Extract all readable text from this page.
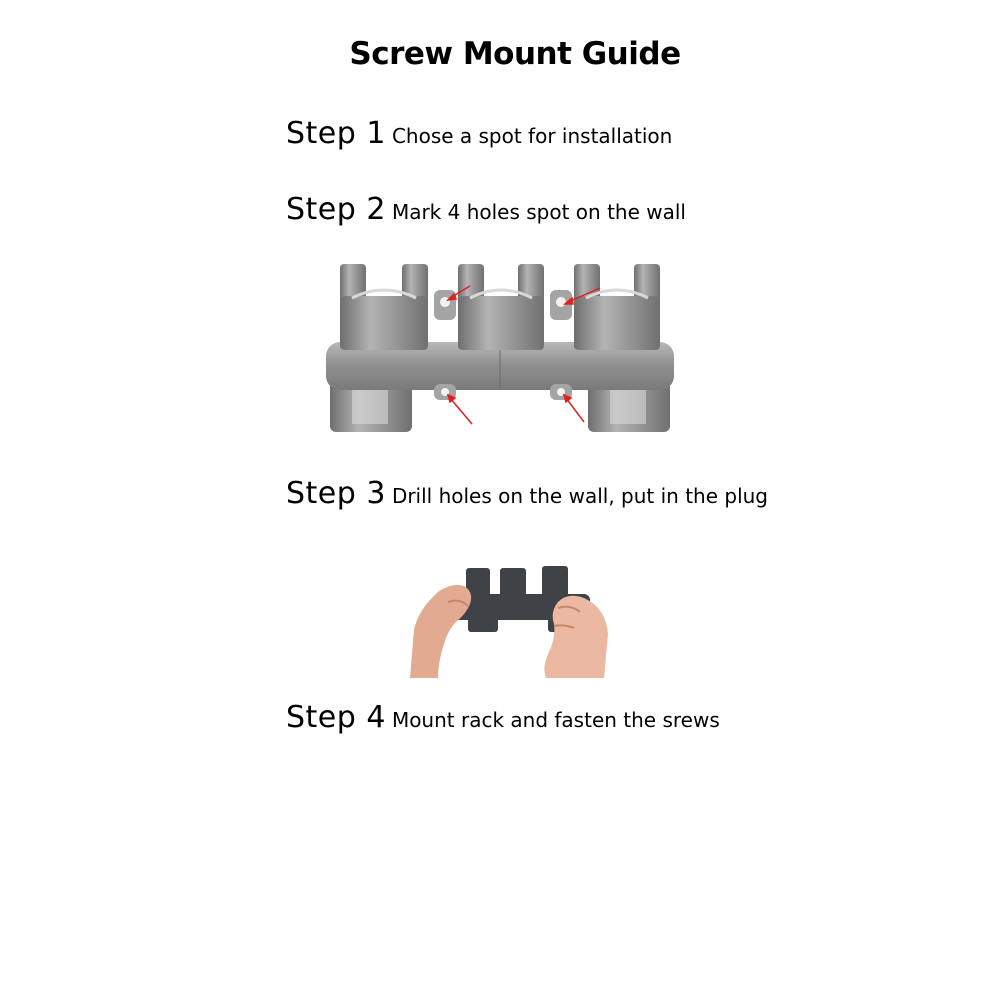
Screw Mount Guide
Step 1 Chose a spot for installation
Step 2 Mark 4 holes spot on the wall
Step 3 Drill holes on the wall, put in the plug
Step 4 Mount rack and fasten the srews
